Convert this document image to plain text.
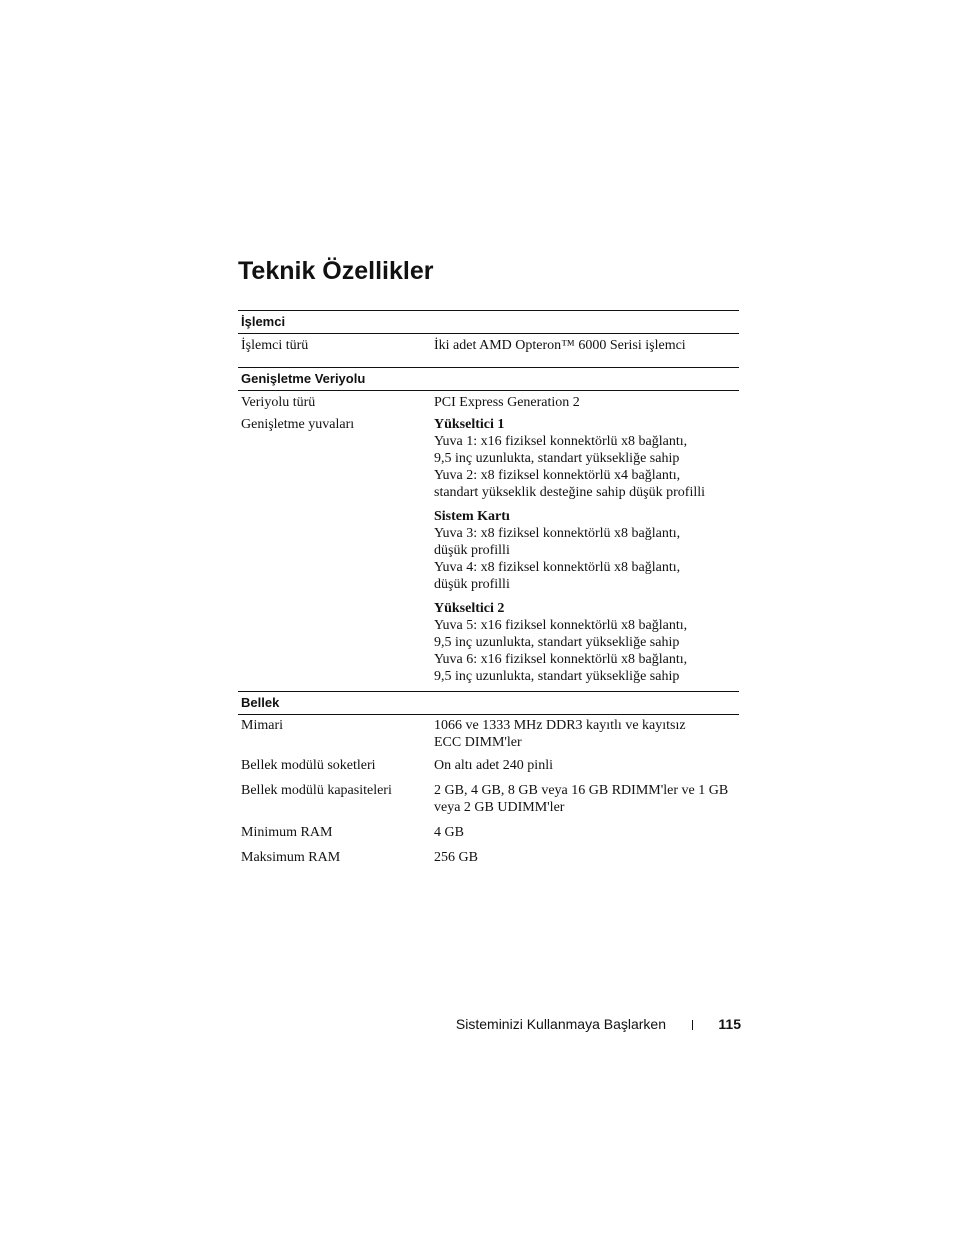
Teknik Özellikler
İşlemci
İşlemci türü	İki adet AMD Opteron™ 6000 Serisi işlemci
Genişletme Veriyolu
Veriyolu türü	PCI Express Generation 2
Genişletme yuvaları	Yükseltici 1
Yuva 1: x16 fiziksel konnektörlü x8 bağlantı,
9,5 inç uzunlukta, standart yüksekliğe sahip
Yuva 2: x8 fiziksel konnektörlü x4 bağlantı,
standart yükseklik desteğine sahip düşük profilli
Sistem Kartı
Yuva 3: x8 fiziksel konnektörlü x8 bağlantı,
düşük profilli
Yuva 4: x8 fiziksel konnektörlü x8 bağlantı,
düşük profilli
Yükseltici 2
Yuva 5: x16 fiziksel konnektörlü x8 bağlantı,
9,5 inç uzunlukta, standart yüksekliğe sahip
Yuva 6: x16 fiziksel konnektörlü x8 bağlantı,
9,5 inç uzunlukta, standart yüksekliğe sahip
Bellek
Mimari	1066 ve 1333 MHz DDR3 kayıtlı ve kayıtsız
ECC DIMM'ler
Bellek modülü soketleri	On altı adet 240 pinli
Bellek modülü kapasiteleri	2 GB, 4 GB, 8 GB veya 16 GB RDIMM'ler ve 1 GB
veya 2 GB UDIMM'ler
Minimum RAM	4 GB
Maksimum RAM	256 GB
Sisteminizi Kullanmaya Başlarken	115
